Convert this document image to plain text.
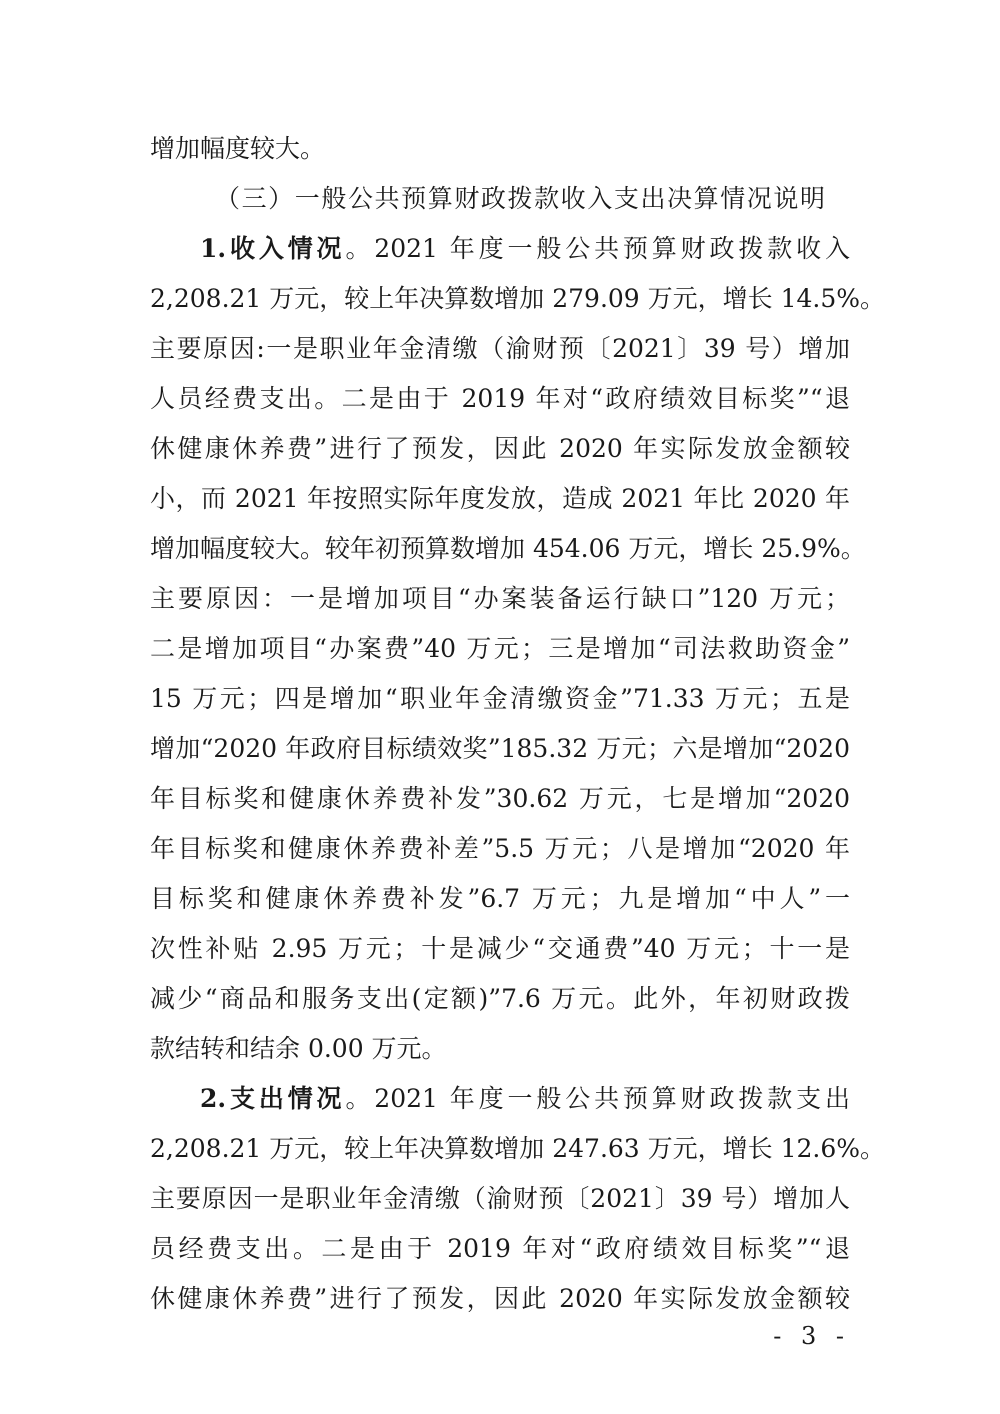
增加幅度较大。
（三）一般公共预算财政拨款收入支出决算情况说明
1.收入情况。2021 年度一般公共预算财政拨款收入
2,208.21 万元，较上年决算数增加 279.09 万元，增长 14.5%。
主要原因:一是职业年金清缴（渝财预〔2021〕39 号）增加
人员经费支出。二是由于 2019 年对“政府绩效目标奖”“退
休健康休养费”进行了预发，因此 2020 年实际发放金额较
小，而 2021 年按照实际年度发放，造成 2021 年比 2020 年
增加幅度较大。较年初预算数增加 454.06 万元，增长 25.9%。
主要原因：一是增加项目“办案装备运行缺口”120 万元；
二是增加项目“办案费”40 万元；三是增加“司法救助资金”
15 万元；四是增加“职业年金清缴资金”71.33 万元；五是
增加“2020 年政府目标绩效奖”185.32 万元；六是增加“2020
年目标奖和健康休养费补发”30.62 万元，七是增加“2020
年目标奖和健康休养费补差”5.5 万元；八是增加“2020 年
目标奖和健康休养费补发”6.7 万元；九是增加“中人”一
次性补贴 2.95 万元；十是减少“交通费”40 万元；十一是
减少“商品和服务支出(定额)”7.6 万元。此外，年初财政拨
款结转和结余 0.00 万元。
2.支出情况。2021 年度一般公共预算财政拨款支出
2,208.21 万元，较上年决算数增加 247.63 万元，增长 12.6%。
主要原因一是职业年金清缴（渝财预〔2021〕39 号）增加人
员经费支出。二是由于 2019 年对“政府绩效目标奖”“退
休健康休养费”进行了预发，因此 2020 年实际发放金额较
- 3 -
